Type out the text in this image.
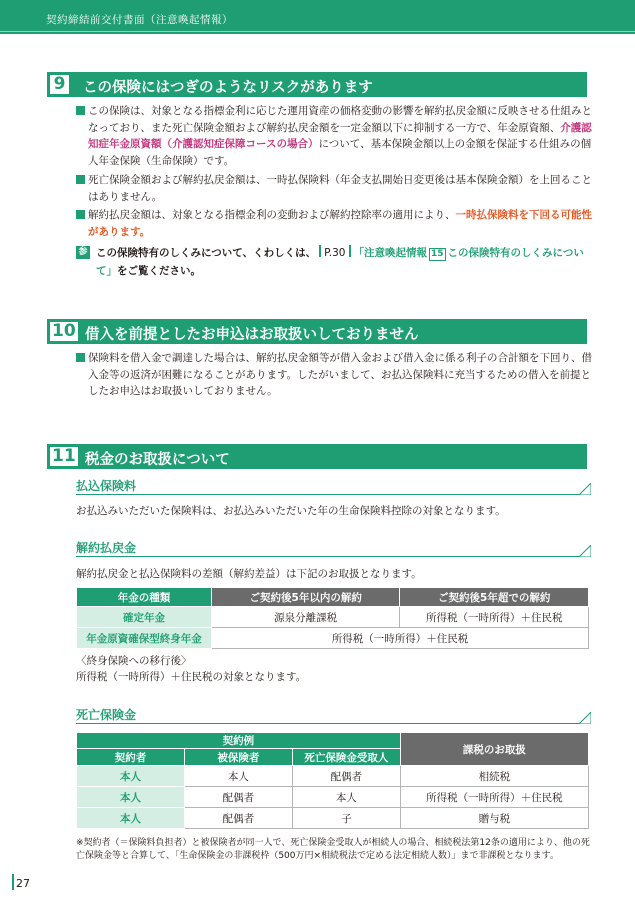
契約締結前交付書面（注意喚起情報）
9	この保険にはつぎのようなリスクがあります
この保険は、対象となる指標金利に応じた運用資産の価格変動の影響を解約払戻金額に反映させる仕組みとなっており、また死亡保険金額および解約払戻金額を一定金額以下に抑制する一方で、年金原資額、介護認知症年金原資額（介護認知症保障コースの場合）について、基本保険金額以上の金額を保証する仕組みの個人年金保険（生命保険）です。
死亡保険金額および解約払戻金額は、一時払保険料（年金支払開始日変更後は基本保険金額）を上回ることはありません。
解約払戻金額は、対象となる指標金利の変動および解約控除率の適用により、一時払保険料を下回る可能性があります。
参 この保険特有のしくみについて、くわしくは、 P.30 「注意喚起情報 15 この保険特有のしくみについて」をご覧ください。
10 借入を前提としたお申込はお取扱いしておりません
保険料を借入金で調達した場合は、解約払戻金額等が借入金および借入金に係る利子の合計額を下回り、借入金等の返済が困難になることがあります。したがいまして、お払込保険料に充当するための借入を前提としたお申込はお取扱いしておりません。
11 税金のお取扱について
払込保険料
お払込みいただいた保険料は、お払込みいただいた年の生命保険料控除の対象となります。
解約払戻金
解約払戻金と払込保険料の差額（解約差益）は下記のお取扱となります。
年金の種類	ご契約後5年以内の解約	ご契約後5年超での解約
確定年金	源泉分離課税	所得税（一時所得）＋住民税
年金原資確保型終身年金	所得税（一時所得）＋住民税	
〈終身保険への移行後〉
所得税（一時所得）＋住民税の対象となります。
死亡保険金
契約例			課税のお取扱
契約者	被保険者	死亡保険金受取人	
本人	本人	配偶者	相続税
本人	配偶者	本人	所得税（一時所得）＋住民税
本人	配偶者	子	贈与税
※契約者（＝保険料負担者）と被保険者が同一人で、死亡保険金受取人が相続人の場合、相続税法第12条の適用により、他の死亡保険金等と合算して、「生命保険金の非課税枠（500万円×相続税法で定める法定相続人数）」まで非課税となります。
27
